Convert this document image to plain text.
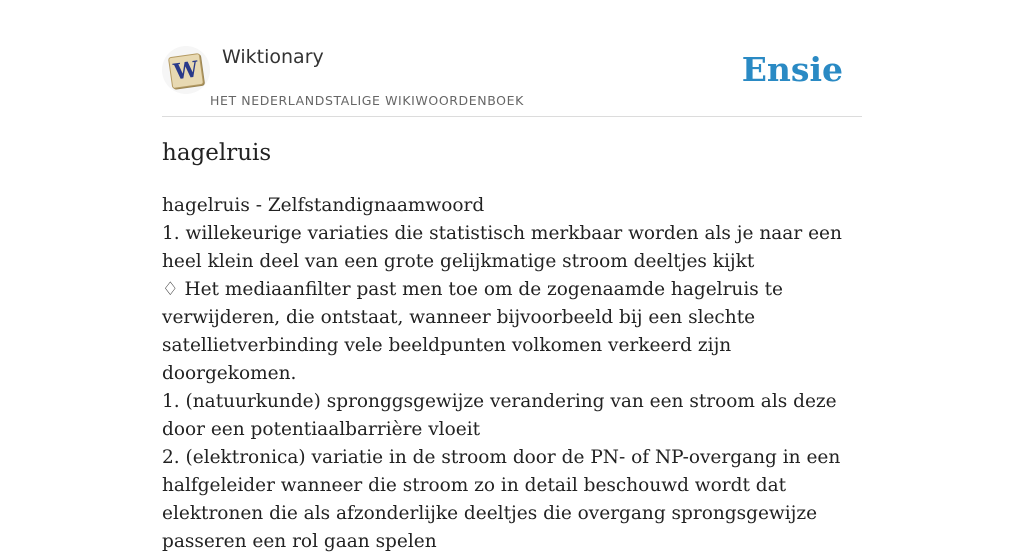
W Wiktionary
HET NEDERLANDSTALIGE WIKIWOORDENBOEK
Ensie
hagelruis

hagelruis - Zelfstandignaamwoord

1. willekeurige variaties die statistisch merkbaar worden als je naar een heel klein deel van een grote gelijkmatige stroom deeltjes kijkt

♢ Het mediaanfilter past men toe om de zogenaamde hagelruis te verwijderen, die ontstaat, wanneer bijvoorbeeld bij een slechte satellietverbinding vele beeldpunten volkomen verkeerd zijn doorgekomen.

1. (natuurkunde) spronggsgewijze verandering van een stroom als deze door een potentiaalbarrière vloeit

2. (elektronica) variatie in de stroom door de PN- of NP-overgang in een halfgeleider wanneer die stroom zo in detail beschouwd wordt dat elektronen die als afzonderlijke deeltjes die overgang sprongsgewijze passeren een rol gaan spelen
